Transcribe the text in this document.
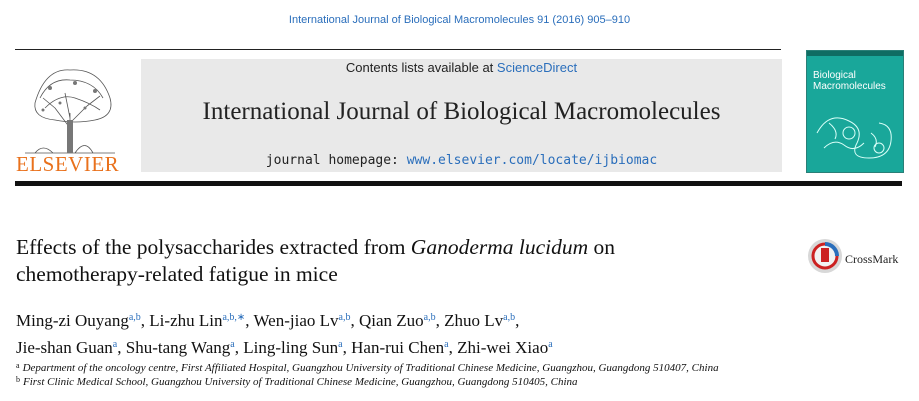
International Journal of Biological Macromolecules 91 (2016) 905–910
ELSEVIER
Contents lists available at ScienceDirect
International Journal of Biological Macromolecules
journal homepage: www.elsevier.com/locate/ijbiomac
Biological
Macromolecules
Effects of the polysaccharides extracted from Ganoderma lucidum on
chemotherapy-related fatigue in mice
CrossMark
Ming-zi Ouyang$^{a,b}$, Li-zhu Lin$^{a,b,∗}$, Wen-jiao Lv$^{a,b}$, Qian Zuo$^{a,b}$, Zhuo Lv$^{a,b}$,
Jie-shan Guan$^a$, Shu-tang Wang$^a$, Ling-ling Sun$^a$, Han-rui Chen$^a$, Zhi-wei Xiao$^a$
$^a$ Department of the oncology centre, First Affiliated Hospital, Guangzhou University of Traditional Chinese Medicine, Guangzhou, Guangdong 510407, China
$^b$ First Clinic Medical School, Guangzhou University of Traditional Chinese Medicine, Guangzhou, Guangdong 510405, China
